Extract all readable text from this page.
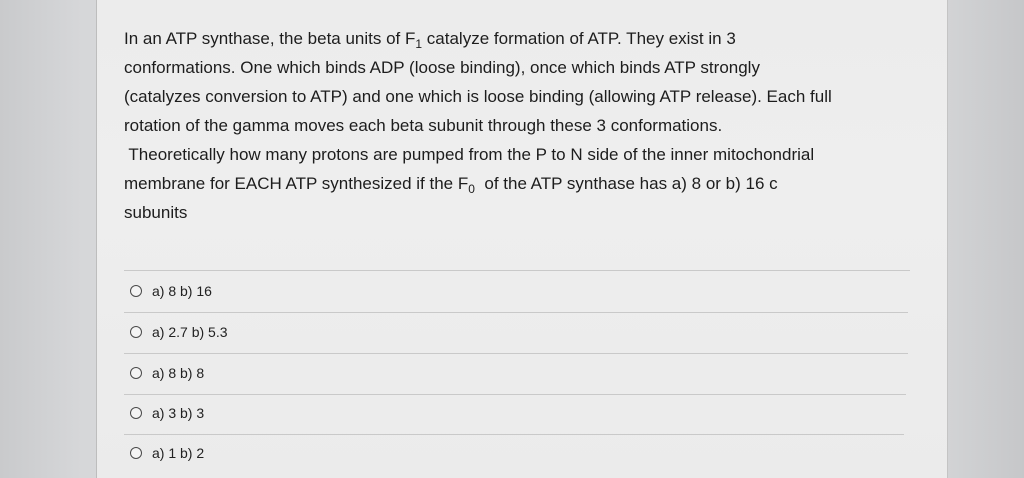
In an ATP synthase, the beta units of $F_1$ catalyze formation of ATP. They exist in 3
conformations. One which binds ADP (loose binding), once which binds ATP strongly
(catalyzes conversion to ATP) and one which is loose binding (allowing ATP release). Each full
rotation of the gamma moves each beta subunit through these 3 conformations.
Theoretically how many protons are pumped from the P to N side of the inner mitochondrial
membrane for EACH ATP synthesized if the $F_0$  of the ATP synthase has a) 8 or b) 16 c
subunits
a) 8 b) 16
a) 2.7 b) 5.3
a) 8 b) 8
a) 3 b) 3
a) 1 b) 2
